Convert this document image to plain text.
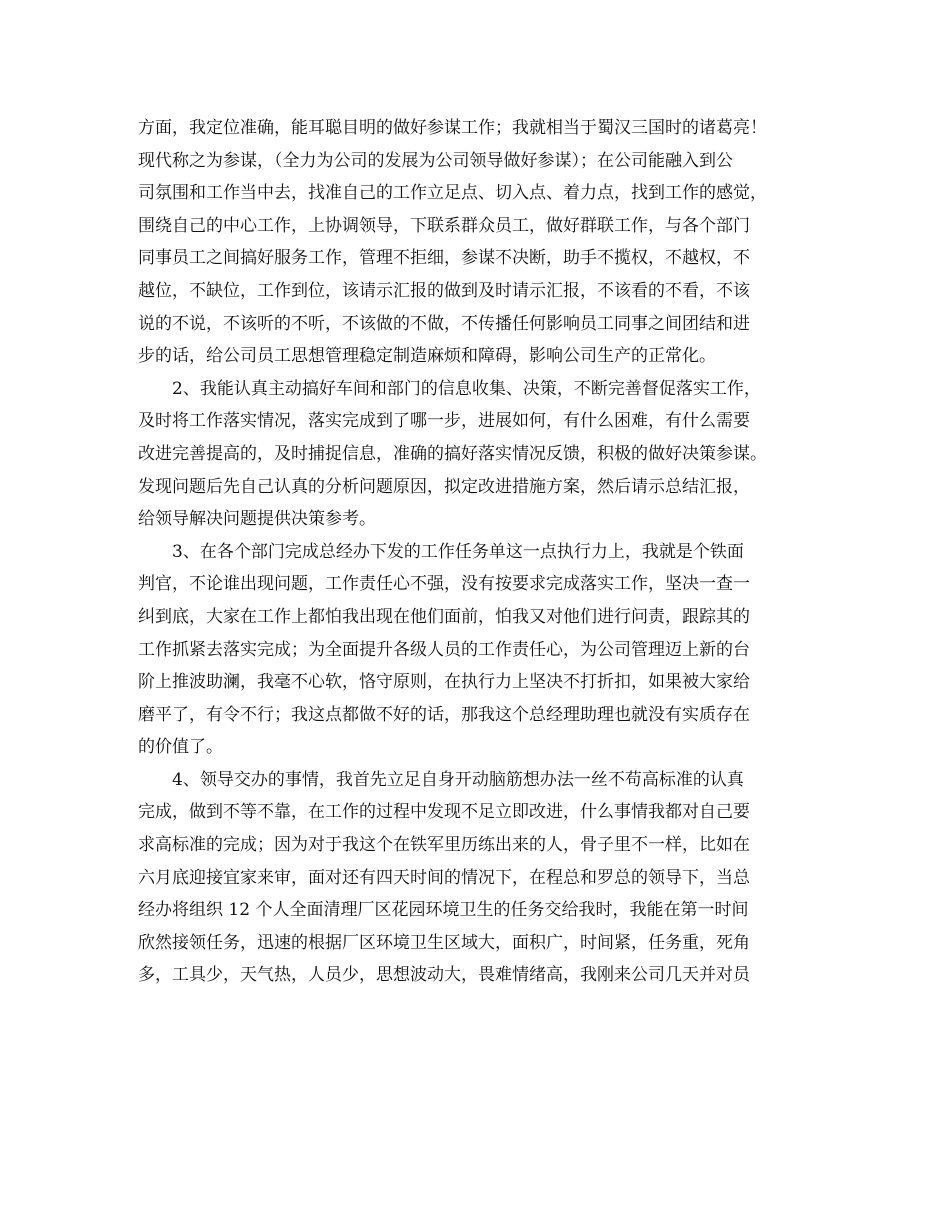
方面，我定位准确，能耳聪目明的做好参谋工作；我就相当于蜀汉三国时的诸葛亮！
现代称之为参谋，（全力为公司的发展为公司领导做好参谋）；在公司能融入到公
司氛围和工作当中去，找准自己的工作立足点、切入点、着力点，找到工作的感觉，
围绕自己的中心工作，上协调领导，下联系群众员工，做好群联工作，与各个部门
同事员工之间搞好服务工作，管理不拒细，参谋不决断，助手不揽权，不越权，不
越位，不缺位，工作到位，该请示汇报的做到及时请示汇报，不该看的不看，不该
说的不说，不该听的不听，不该做的不做，不传播任何影响员工同事之间团结和进
步的话，给公司员工思想管理稳定制造麻烦和障碍，影响公司生产的正常化。
2、我能认真主动搞好车间和部门的信息收集、决策，不断完善督促落实工作，
及时将工作落实情况，落实完成到了哪一步，进展如何，有什么困难，有什么需要
改进完善提高的，及时捕捉信息，准确的搞好落实情况反馈，积极的做好决策参谋。
发现问题后先自己认真的分析问题原因，拟定改进措施方案，然后请示总结汇报，
给领导解决问题提供决策参考。
3、在各个部门完成总经办下发的工作任务单这一点执行力上，我就是个铁面
判官，不论谁出现问题，工作责任心不强，没有按要求完成落实工作，坚决一查一
纠到底，大家在工作上都怕我出现在他们面前，怕我又对他们进行问责，跟踪其的
工作抓紧去落实完成；为全面提升各级人员的工作责任心，为公司管理迈上新的台
阶上推波助澜，我毫不心软，恪守原则，在执行力上坚决不打折扣，如果被大家给
磨平了，有令不行；我这点都做不好的话，那我这个总经理助理也就没有实质存在
的价值了。
4、领导交办的事情，我首先立足自身开动脑筋想办法一丝不苟高标准的认真
完成，做到不等不靠，在工作的过程中发现不足立即改进，什么事情我都对自己要
求高标准的完成；因为对于我这个在铁军里历练出来的人，骨子里不一样，比如在
六月底迎接宜家来审，面对还有四天时间的情况下，在程总和罗总的领导下，当总
经办将组织 12 个人全面清理厂区花园环境卫生的任务交给我时，我能在第一时间
欣然接领任务，迅速的根据厂区环境卫生区域大，面积广，时间紧，任务重，死角
多，工具少，天气热，人员少，思想波动大，畏难情绪高，我刚来公司几天并对员
